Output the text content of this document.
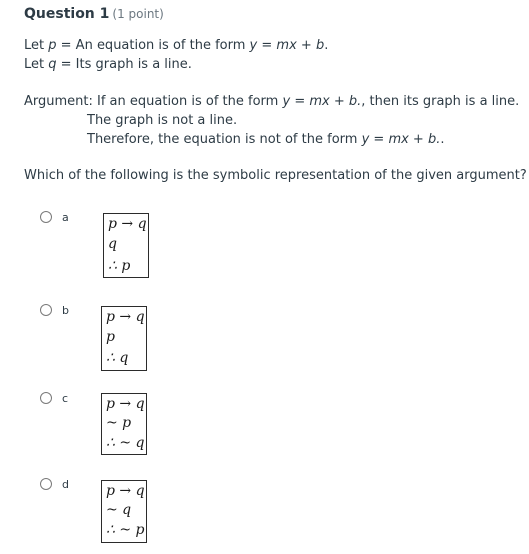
Question 1 (1 point)
Let p = An equation is of the form y = mx + b.
Let q = Its graph is a line.
Argument: If an equation is of the form y = mx + b., then its graph is a line.
The graph is not a line.
Therefore, the equation is not of the form y = mx + b..
Which of the following is the symbolic representation of the given argument?
a	p → q
q
∴ p
b	p → q
p
∴ q
c	p → q
~ p
∴ ~ q
d	p → q
~ q
∴ ~ p
